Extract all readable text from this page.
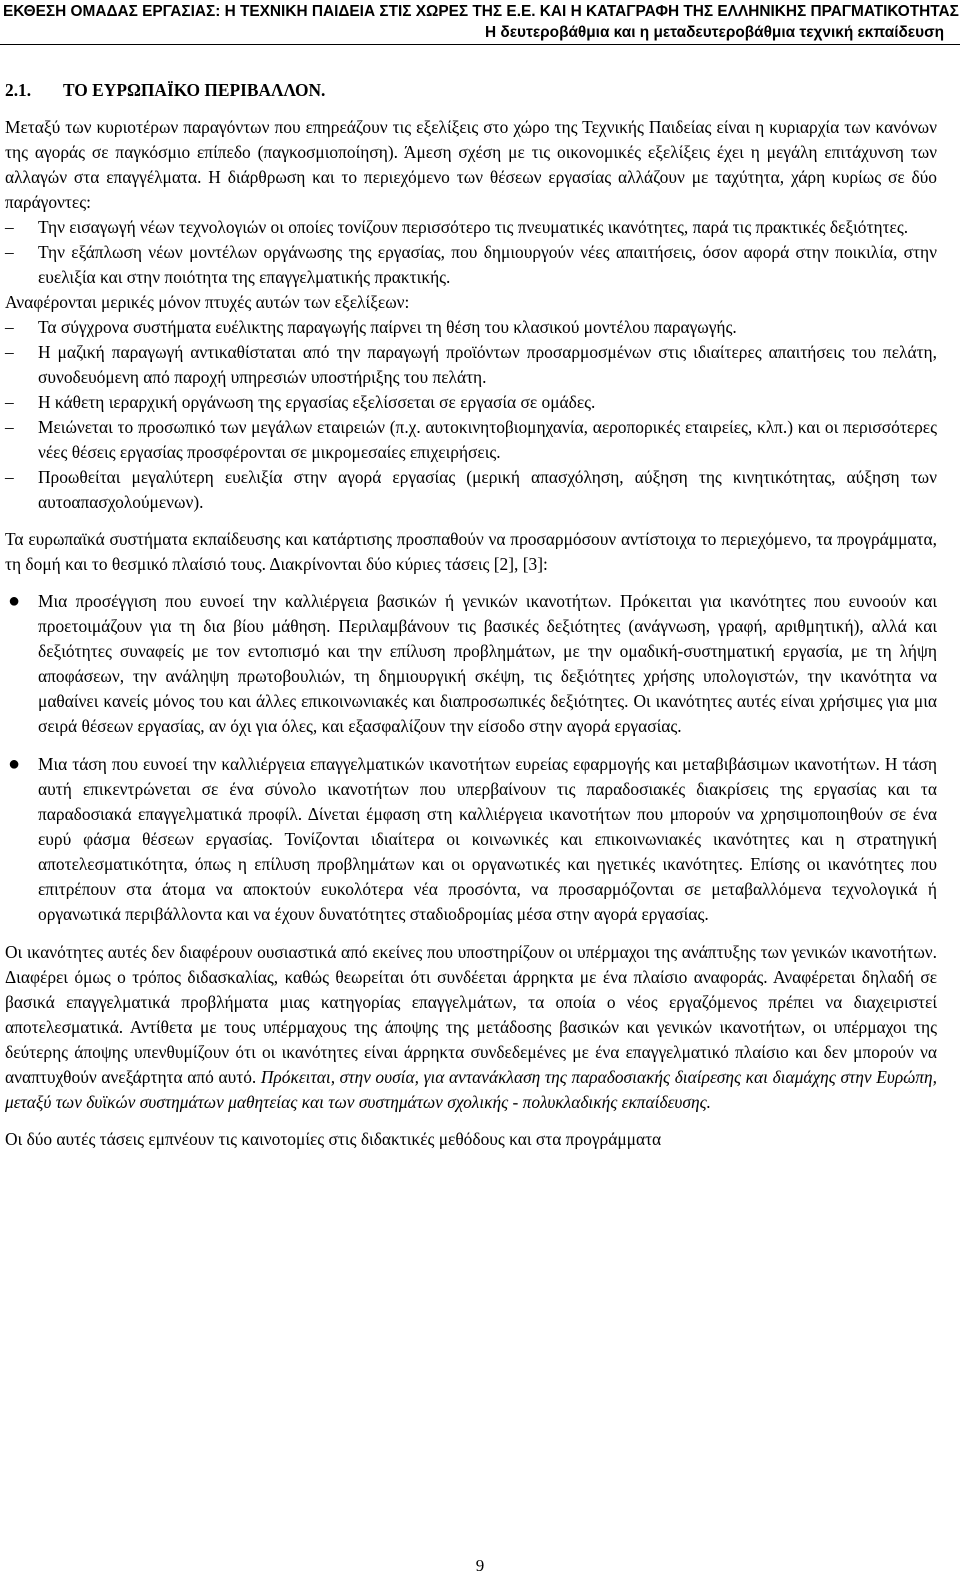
ΕΚΘΕΣΗ ΟΜΑΔΑΣ ΕΡΓΑΣΙΑΣ: Η ΤΕΧΝΙΚΗ ΠΑΙΔΕΙΑ ΣΤΙΣ ΧΩΡΕΣ ΤΗΣ Ε.Ε. ΚΑΙ Η ΚΑΤΑΓΡΑΦΗ ΤΗΣ ΕΛΛΗΝΙΚΗΣ ΠΡΑΓΜΑΤΙΚΟΤΗΤΑΣ
Η δευτεροβάθμια και η μεταδευτεροβάθμια τεχνική εκπαίδευση
2.1. ΤΟ ΕΥΡΩΠΑΪΚΟ ΠΕΡΙΒΑΛΛΟΝ.

Μεταξύ των κυριοτέρων παραγόντων που επηρεάζουν τις εξελίξεις στο χώρο της Τεχνικής Παιδείας είναι η κυριαρχία των κανόνων της αγοράς σε παγκόσμιο επίπεδο (παγκοσμιοποίηση). Άμεση σχέση με τις οικονομικές εξελίξεις έχει η μεγάλη επιτάχυνση των αλλαγών στα επαγγέλματα. Η διάρθρωση και το περιεχόμενο των θέσεων εργασίας αλλάζουν με ταχύτητα, χάρη κυρίως σε δύο παράγοντες:

– Την εισαγωγή νέων τεχνολογιών οι οποίες τονίζουν περισσότερο τις πνευματικές ικανότητες, παρά τις πρακτικές δεξιότητες.
– Την εξάπλωση νέων μοντέλων οργάνωσης της εργασίας, που δημιουργούν νέες απαιτήσεις, όσον αφορά στην ποικιλία, στην ευελιξία και στην ποιότητα της επαγγελματικής πρακτικής.

Αναφέρονται μερικές μόνον πτυχές αυτών των εξελίξεων:

– Τα σύγχρονα συστήματα ευέλικτης παραγωγής παίρνει τη θέση του κλασικού μοντέλου παραγωγής.
– Η μαζική παραγωγή αντικαθίσταται από την παραγωγή προϊόντων προσαρμοσμένων στις ιδιαίτερες απαιτήσεις του πελάτη, συνοδευόμενη από παροχή υπηρεσιών υποστήριξης του πελάτη.
– Η κάθετη ιεραρχική οργάνωση της εργασίας εξελίσσεται σε εργασία σε ομάδες.
– Μειώνεται το προσωπικό των μεγάλων εταιρειών (π.χ. αυτοκινητοβιομηχανία, αεροπορικές εταιρείες, κλπ.) και οι περισσότερες νέες θέσεις εργασίας προσφέρονται σε μικρομεσαίες επιχειρήσεις.
– Προωθείται μεγαλύτερη ευελιξία στην αγορά εργασίας (μερική απασχόληση, αύξηση της κινητικότητας, αύξηση των αυτοαπασχολούμενων).

Τα ευρωπαϊκά συστήματα εκπαίδευσης και κατάρτισης προσπαθούν να προσαρμόσουν αντίστοιχα το περιεχόμενο, τα προγράμματα, τη δομή και το θεσμικό πλαίσιό τους. Διακρίνονται δύο κύριες τάσεις [2], [3]:

● Μια προσέγγιση που ευνοεί την καλλιέργεια βασικών ή γενικών ικανοτήτων. Πρόκειται για ικανότητες που ευνοούν και προετοιμάζουν για τη δια βίου μάθηση. Περιλαμβάνουν τις βασικές δεξιότητες (ανάγνωση, γραφή, αριθμητική), αλλά και δεξιότητες συναφείς με τον εντοπισμό και την επίλυση προβλημάτων, με την ομαδική-συστηματική εργασία, με τη λήψη αποφάσεων, την ανάληψη πρωτοβουλιών, τη δημιουργική σκέψη, τις δεξιότητες χρήσης υπολογιστών, την ικανότητα να μαθαίνει κανείς μόνος του και άλλες επικοινωνιακές και διαπροσωπικές δεξιότητες. Οι ικανότητες αυτές είναι χρήσιμες για μια σειρά θέσεων εργασίας, αν όχι για όλες, και εξασφαλίζουν την είσοδο στην αγορά εργασίας.
● Μια τάση που ευνοεί την καλλιέργεια επαγγελματικών ικανοτήτων ευρείας εφαρμογής και μεταβιβάσιμων ικανοτήτων. Η τάση αυτή επικεντρώνεται σε ένα σύνολο ικανοτήτων που υπερβαίνουν τις παραδοσιακές διακρίσεις της εργασίας και τα παραδοσιακά επαγγελματικά προφίλ. Δίνεται έμφαση στη καλλιέργεια ικανοτήτων που μπορούν να χρησιμοποιηθούν σε ένα ευρύ φάσμα θέσεων εργασίας. Τονίζονται ιδιαίτερα οι κοινωνικές και επικοινωνιακές ικανότητες και η στρατηγική αποτελεσματικότητα, όπως η επίλυση προβλημάτων και οι οργανωτικές και ηγετικές ικανότητες. Επίσης οι ικανότητες που επιτρέπουν στα άτομα να αποκτούν ευκολότερα νέα προσόντα, να προσαρμόζονται σε μεταβαλλόμενα τεχνολογικά ή οργανωτικά περιβάλλοντα και να έχουν δυνατότητες σταδιοδρομίας μέσα στην αγορά εργασίας.

Οι ικανότητες αυτές δεν διαφέρουν ουσιαστικά από εκείνες που υποστηρίζουν οι υπέρμαχοι της ανάπτυξης των γενικών ικανοτήτων. Διαφέρει όμως ο τρόπος διδασκαλίας, καθώς θεωρείται ότι συνδέεται άρρηκτα με ένα πλαίσιο αναφοράς. Αναφέρεται δηλαδή σε βασικά επαγγελματικά προβλήματα μιας κατηγορίας επαγγελμάτων, τα οποία ο νέος εργαζόμενος πρέπει να διαχειριστεί αποτελεσματικά. Αντίθετα με τους υπέρμαχους της άποψης της μετάδοσης βασικών και γενικών ικανοτήτων, οι υπέρμαχοι της δεύτερης άποψης υπενθυμίζουν ότι οι ικανότητες είναι άρρηκτα συνδεδεμένες με ένα επαγγελματικό πλαίσιο και δεν μπορούν να αναπτυχθούν ανεξάρτητα από αυτό. Πρόκειται, στην ουσία, για αντανάκλαση της παραδοσιακής διαίρεσης και διαμάχης στην Ευρώπη, μεταξύ των δυϊκών συστημάτων μαθητείας και των συστημάτων σχολικής - πολυκλαδικής εκπαίδευσης.

Οι δύο αυτές τάσεις εμπνέουν τις καινοτομίες στις διδακτικές μεθόδους και στα προγράμματα

9
